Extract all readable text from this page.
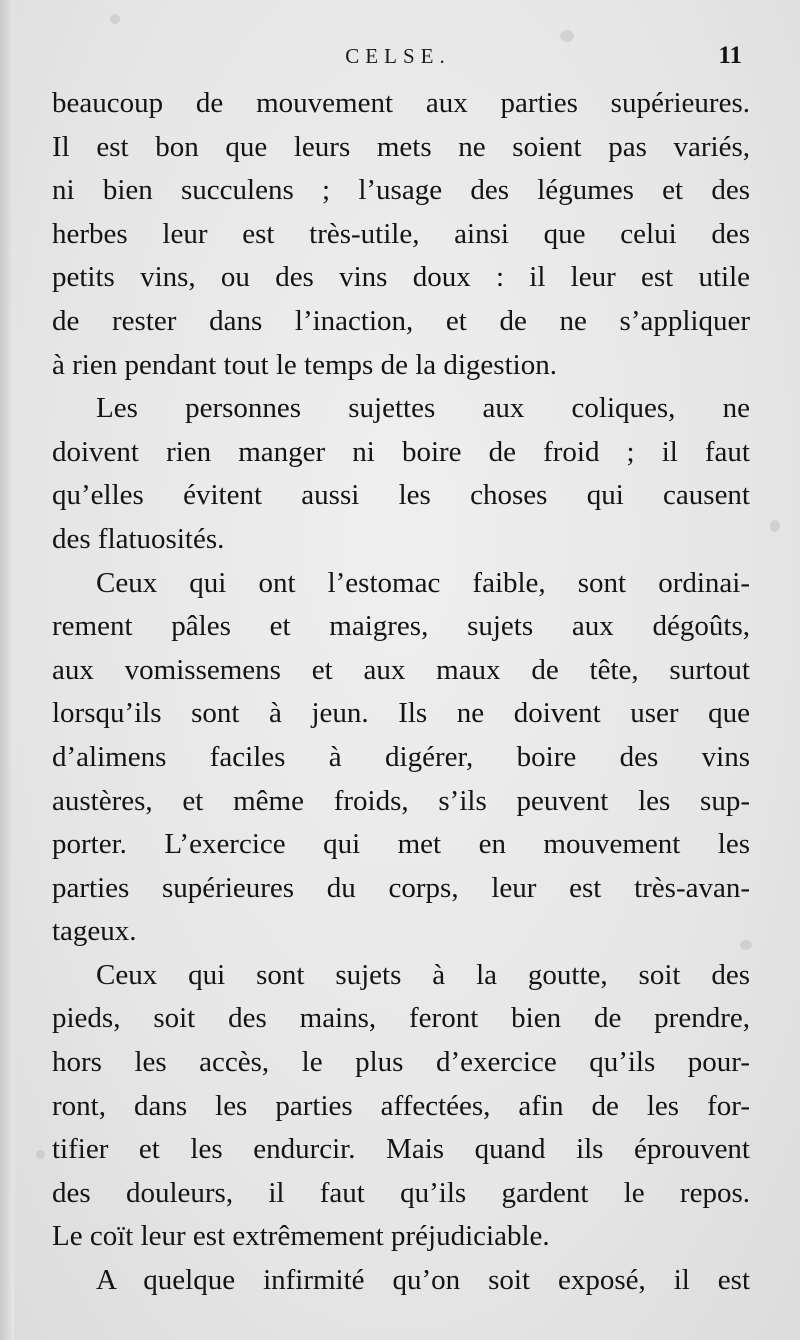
CELSE.	11
beaucoup de mouvement aux parties supérieures.
Il est bon que leurs mets ne soient pas variés,
ni bien succulens ; l’usage des légumes et des
herbes leur est très-utile, ainsi que celui des
petits vins, ou des vins doux : il leur est utile
de rester dans l’inaction, et de ne s’appliquer
à rien pendant tout le temps de la digestion.
Les personnes sujettes aux coliques, ne
doivent rien manger ni boire de froid ; il faut
qu’elles évitent aussi les choses qui causent
des flatuosités.
Ceux qui ont l’estomac faible, sont ordinai-
rement pâles et maigres, sujets aux dégoûts,
aux vomissemens et aux maux de tête, surtout
lorsqu’ils sont à jeun. Ils ne doivent user que
d’alimens faciles à digérer, boire des vins
austères, et même froids, s’ils peuvent les sup-
porter. L’exercice qui met en mouvement les
parties supérieures du corps, leur est très-avan-
tageux.
Ceux qui sont sujets à la goutte, soit des
pieds, soit des mains, feront bien de prendre,
hors les accès, le plus d’exercice qu’ils pour-
ront, dans les parties affectées, afin de les for-
tifier et les endurcir. Mais quand ils éprouvent
des douleurs, il faut qu’ils gardent le repos.
Le coït leur est extrêmement préjudiciable.
A quelque infirmité qu’on soit exposé, il est
